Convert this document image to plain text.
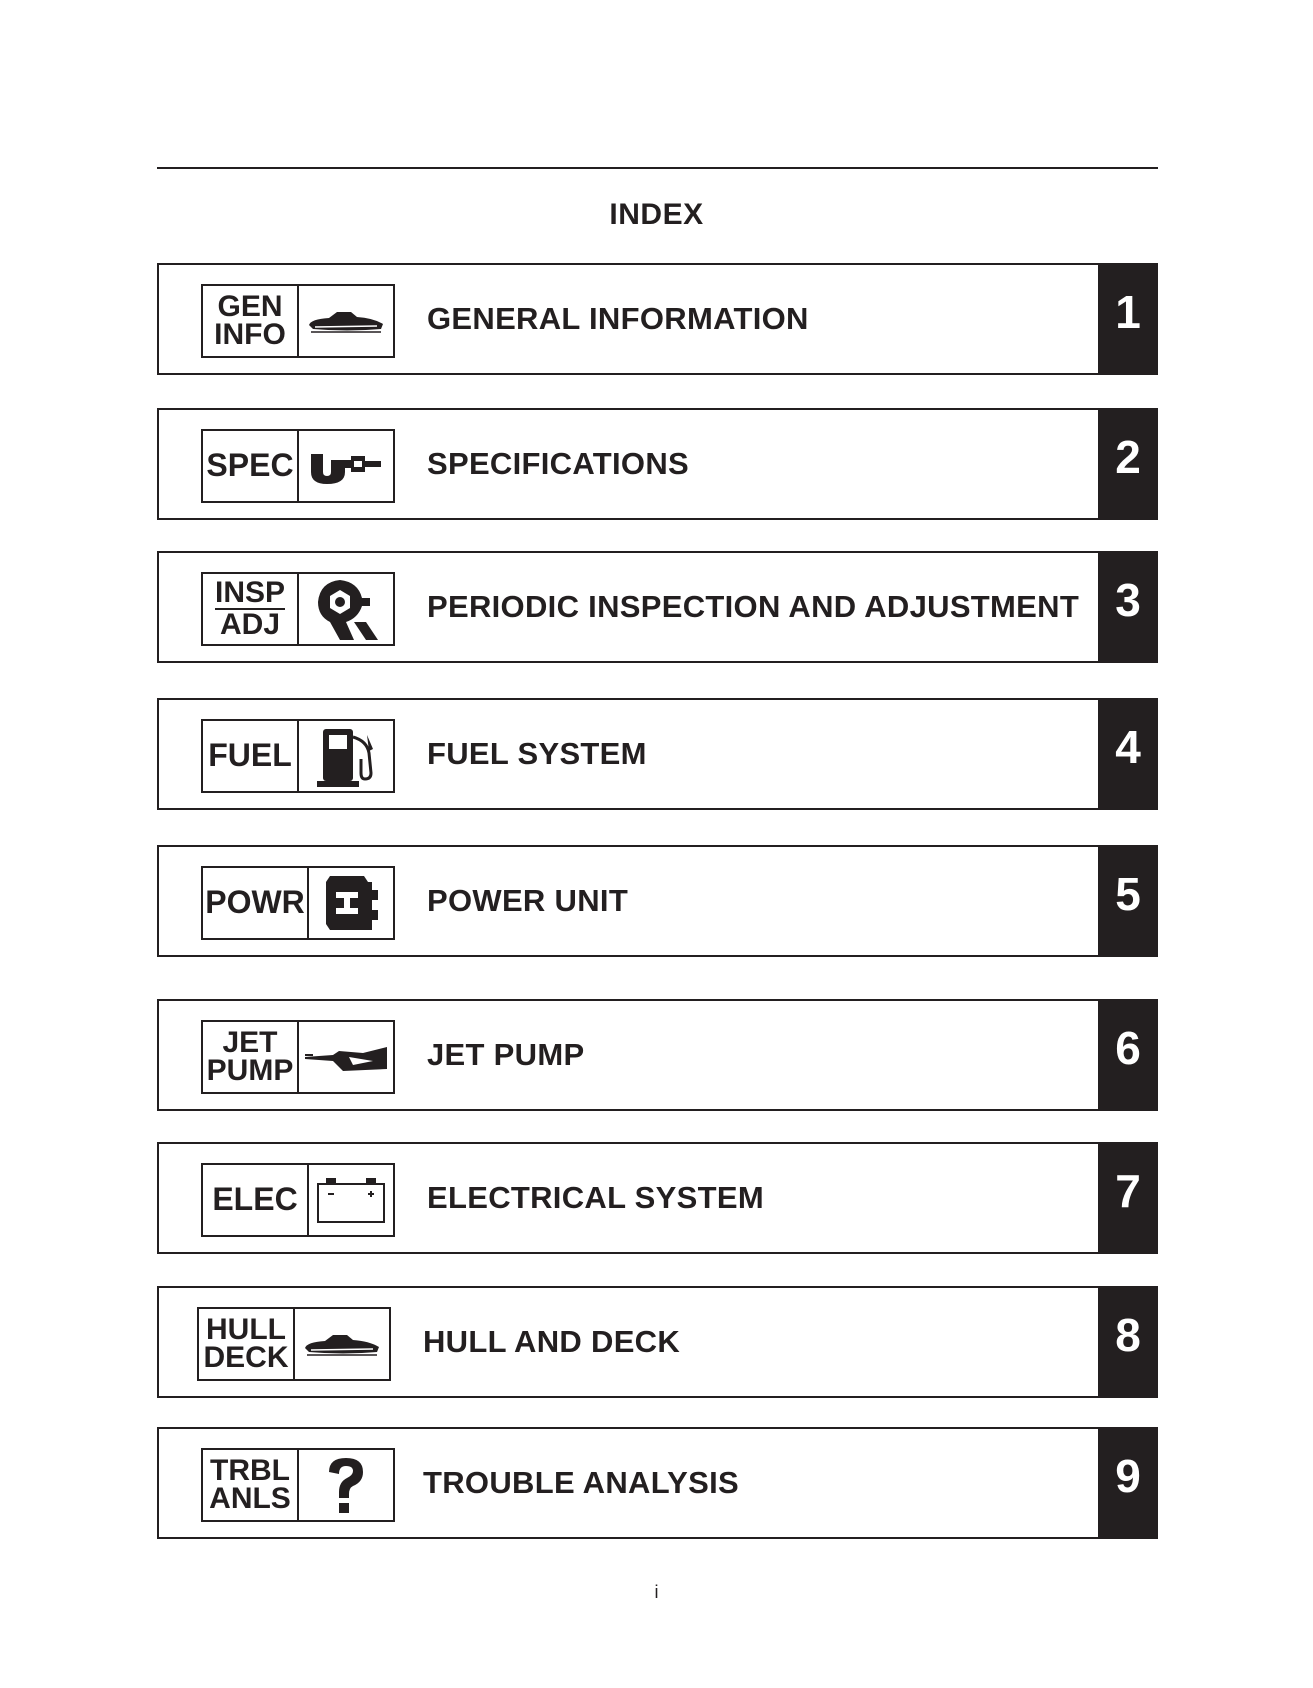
INDEX
GEN
INFO	GENERAL INFORMATION	1
SPEC	SPECIFICATIONS	2
INSP
ADJ
PERIODIC INSPECTION AND ADJUSTMENT 3
FUEL	FUEL SYSTEM	4
POWR	POWER UNIT	5
JET
PUMP	JET PUMP	6
ELEC	ELECTRICAL SYSTEM	7
HULL
DECK	HULL AND DECK	8
TRBL
ANLS	TROUBLE ANALYSIS	9
i
